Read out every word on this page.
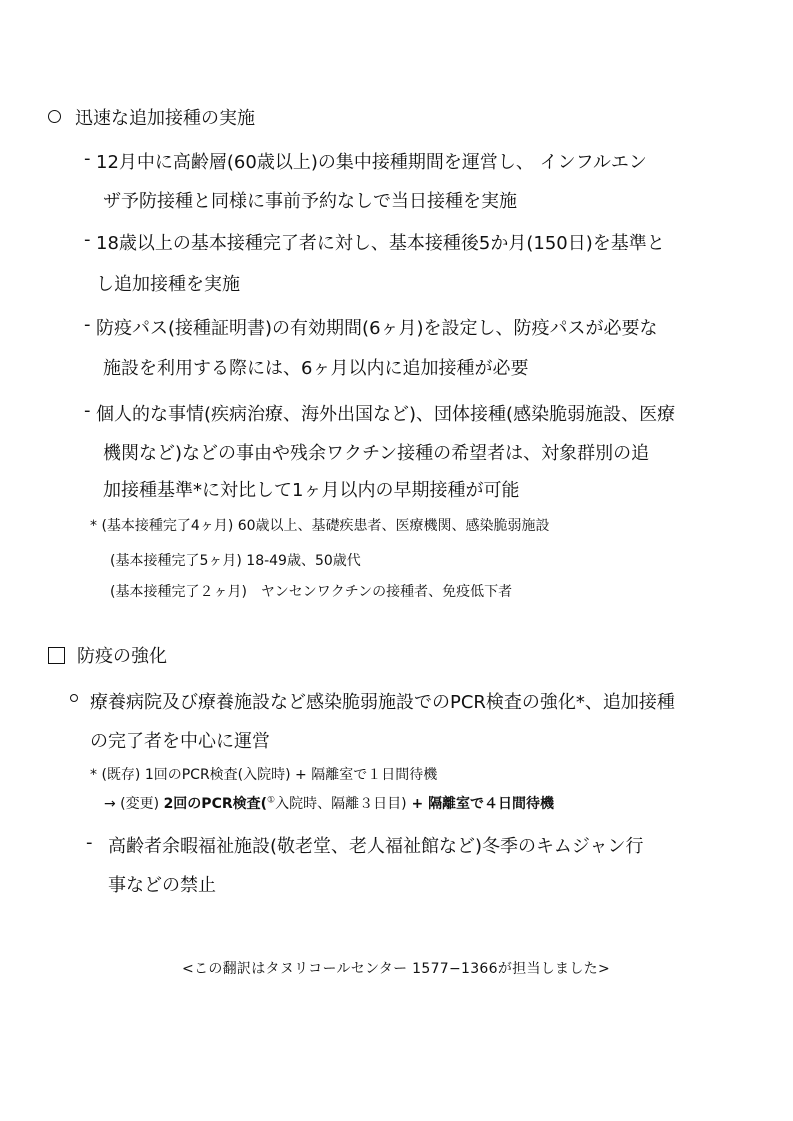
迅速な追加接種の実施
- 12月中に高齢層(60歳以上)の集中接種期間を運営し、 インフルエン
ザ予防接種と同様に事前予約なしで当日接種を実施
- 18歳以上の基本接種完了者に対し、基本接種後5か月(150日)を基準と
し追加接種を実施
- 防疫パス(接種証明書)の有効期間(6ヶ月)を設定し、防疫パスが必要な
施設を利用する際には、6ヶ月以内に追加接種が必要
- 個人的な事情(疾病治療、海外出国など)、団体接種(感染脆弱施設、医療
機関など)などの事由や残余ワクチン接種の希望者は、対象群別の追
加接種基準*に対比して1ヶ月以内の早期接種が可能
* (基本接種完了4ヶ月) 60歳以上、基礎疾患者、医療機関、感染脆弱施設
(基本接種完了5ヶ月) 18-49歳、50歳代
(基本接種完了２ヶ月)　ヤンセンワクチンの接種者、免疫低下者
防疫の強化
療養病院及び療養施設など感染脆弱施設でのPCR検査の強化*、追加接種
の完了者を中心に運営
* (既存) 1回のPCR検査(入院時) + 隔離室で１日間待機
→ (変更) 2回のPCR検査(①入院時、隔離３日目) + 隔離室で４日間待機
- 高齢者余暇福祉施設(敬老堂、老人福祉館など)冬季のキムジャン行
事などの禁止
<この翻訳はタヌリコールセンター 1577−1366が担当しました>
